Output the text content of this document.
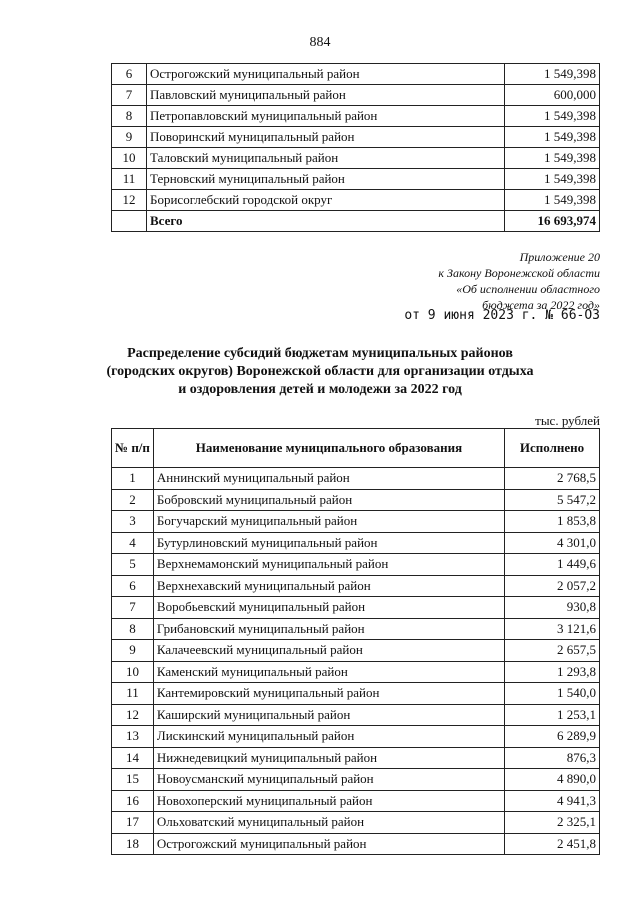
884
6	Острогожский муниципальный район	1 549,398
7	Павловский муниципальный район	600,000
8	Петропавловский муниципальный район	1 549,398
9	Поворинский муниципальный район	1 549,398
10	Таловский муниципальный район	1 549,398
11	Терновский муниципальный район	1 549,398
12	Борисоглебский городской округ	1 549,398
	Всего	16 693,974
Приложение 20
к Закону Воронежской области
«Об исполнении областного
бюджета за 2022 год»
от 9 июня 2023 г. № 66-ОЗ
Распределение субсидий бюджетам муниципальных районов
(городских округов) Воронежской области для организации отдыха
и оздоровления детей и молодежи за 2022 год
тыс. рублей
№ п/п	Наименование муниципального образования	Исполнено
1	Аннинский муниципальный район	2 768,5
2	Бобровский муниципальный район	5 547,2
3	Богучарский муниципальный район	1 853,8
4	Бутурлиновский муниципальный район	4 301,0
5	Верхнемамонский муниципальный район	1 449,6
6	Верхнехавский муниципальный район	2 057,2
7	Воробьевский муниципальный район	930,8
8	Грибановский муниципальный район	3 121,6
9	Калачеевский муниципальный район	2 657,5
10	Каменский муниципальный район	1 293,8
11	Кантемировский муниципальный район	1 540,0
12	Каширский муниципальный район	1 253,1
13	Лискинский муниципальный район	6 289,9
14	Нижнедевицкий муниципальный район	876,3
15	Новоусманский муниципальный район	4 890,0
16	Новохоперский муниципальный район	4 941,3
17	Ольховатский муниципальный район	2 325,1
18	Острогожский муниципальный район	2 451,8
